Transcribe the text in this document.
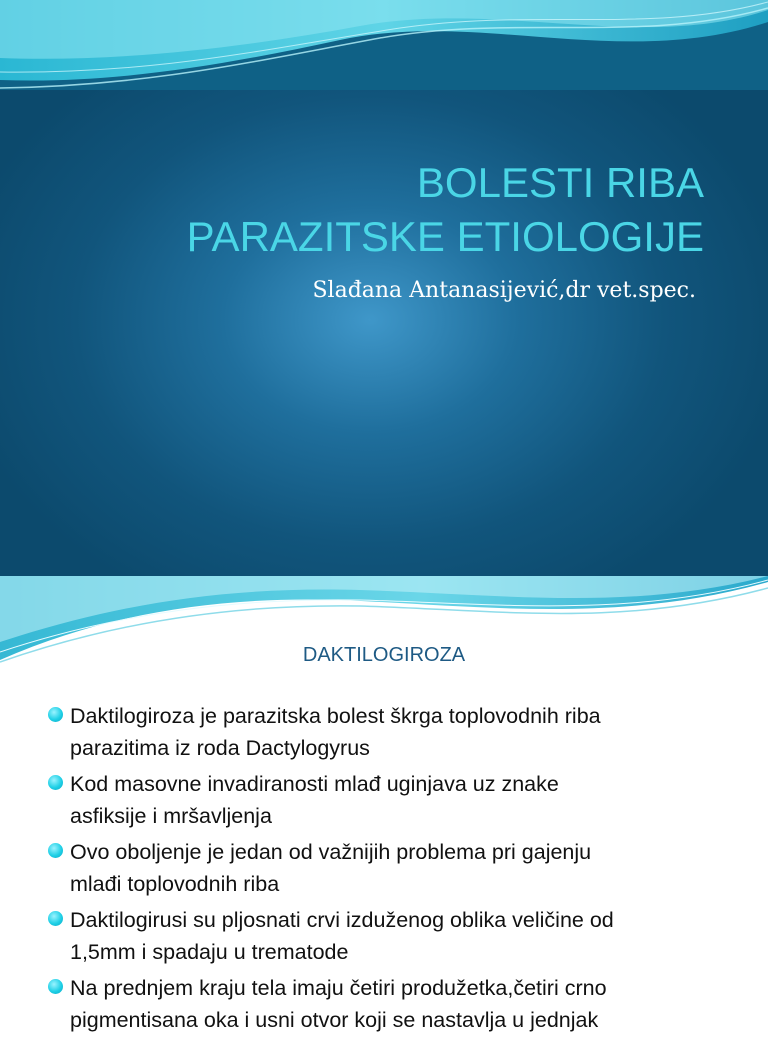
BOLESTI RIBA
PARAZITSKE ETIOLOGIJE
Slađana Antanasijević,dr vet.spec.
DAKTILOGIROZA
Daktilogiroza je parazitska bolest škrga toplovodnih riba
parazitima iz roda Dactylogyrus
Kod masovne invadiranosti mlađ uginjava uz znake
asfiksije i mršavljenja
Ovo oboljenje je jedan od važnijih problema pri gajenju
mlađi toplovodnih riba
Daktilogirusi su pljosnati crvi izduženog oblika veličine od
1,5mm i spadaju u trematode
Na prednjem kraju tela imaju četiri produžetka,četiri crno
pigmentisana oka i usni otvor koji se nastavlja u jednjak
